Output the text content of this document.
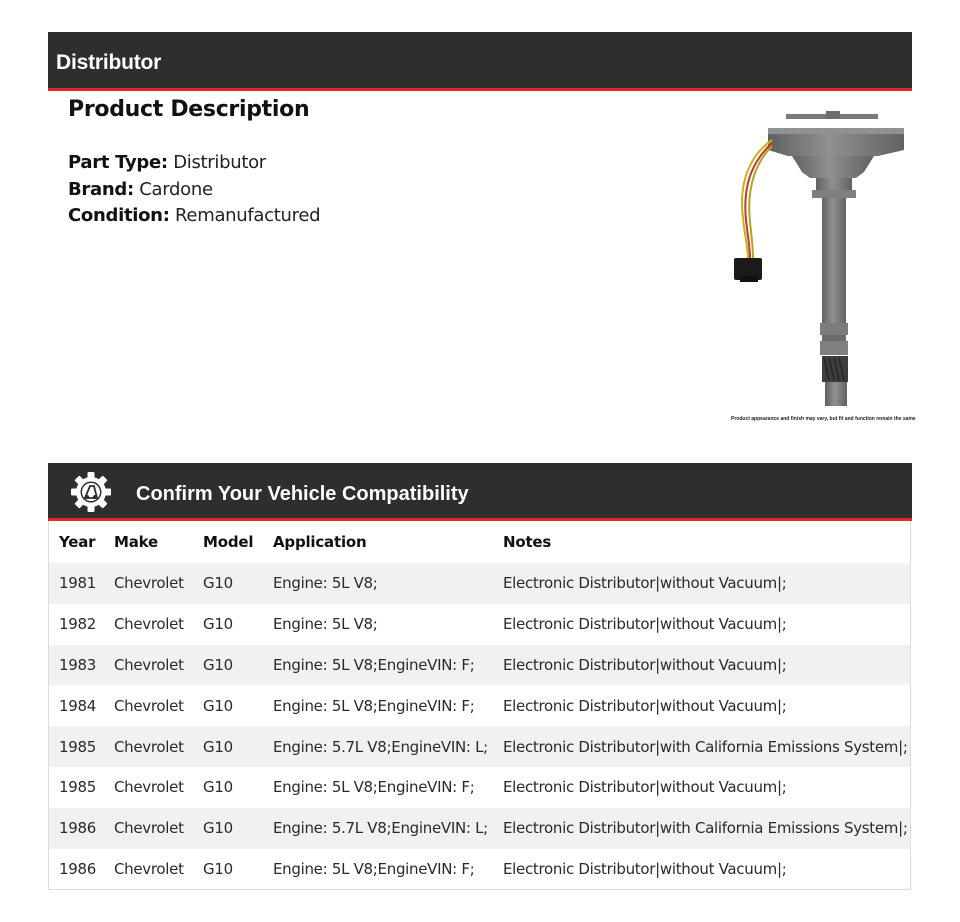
Distributor
Product Description
Part Type: Distributor
Brand: Cardone
Condition: Remanufactured
Product appearance and finish may vary, but fit and function remain the same
Confirm Your Vehicle Compatibility
Year	Make	Model	Application	Notes
1981	Chevrolet	G10	Engine: 5L V8;	Electronic Distributor|without Vacuum|;
1982	Chevrolet	G10	Engine: 5L V8;	Electronic Distributor|without Vacuum|;
1983	Chevrolet	G10	Engine: 5L V8;EngineVIN: F;	Electronic Distributor|without Vacuum|;
1984	Chevrolet	G10	Engine: 5L V8;EngineVIN: F;	Electronic Distributor|without Vacuum|;
1985	Chevrolet	G10	Engine: 5.7L V8;EngineVIN: L;	Electronic Distributor|with California Emissions System|;
1985	Chevrolet	G10	Engine: 5L V8;EngineVIN: F;	Electronic Distributor|without Vacuum|;
1986	Chevrolet	G10	Engine: 5.7L V8;EngineVIN: L;	Electronic Distributor|with California Emissions System|;
1986	Chevrolet	G10	Engine: 5L V8;EngineVIN: F;	Electronic Distributor|without Vacuum|;
